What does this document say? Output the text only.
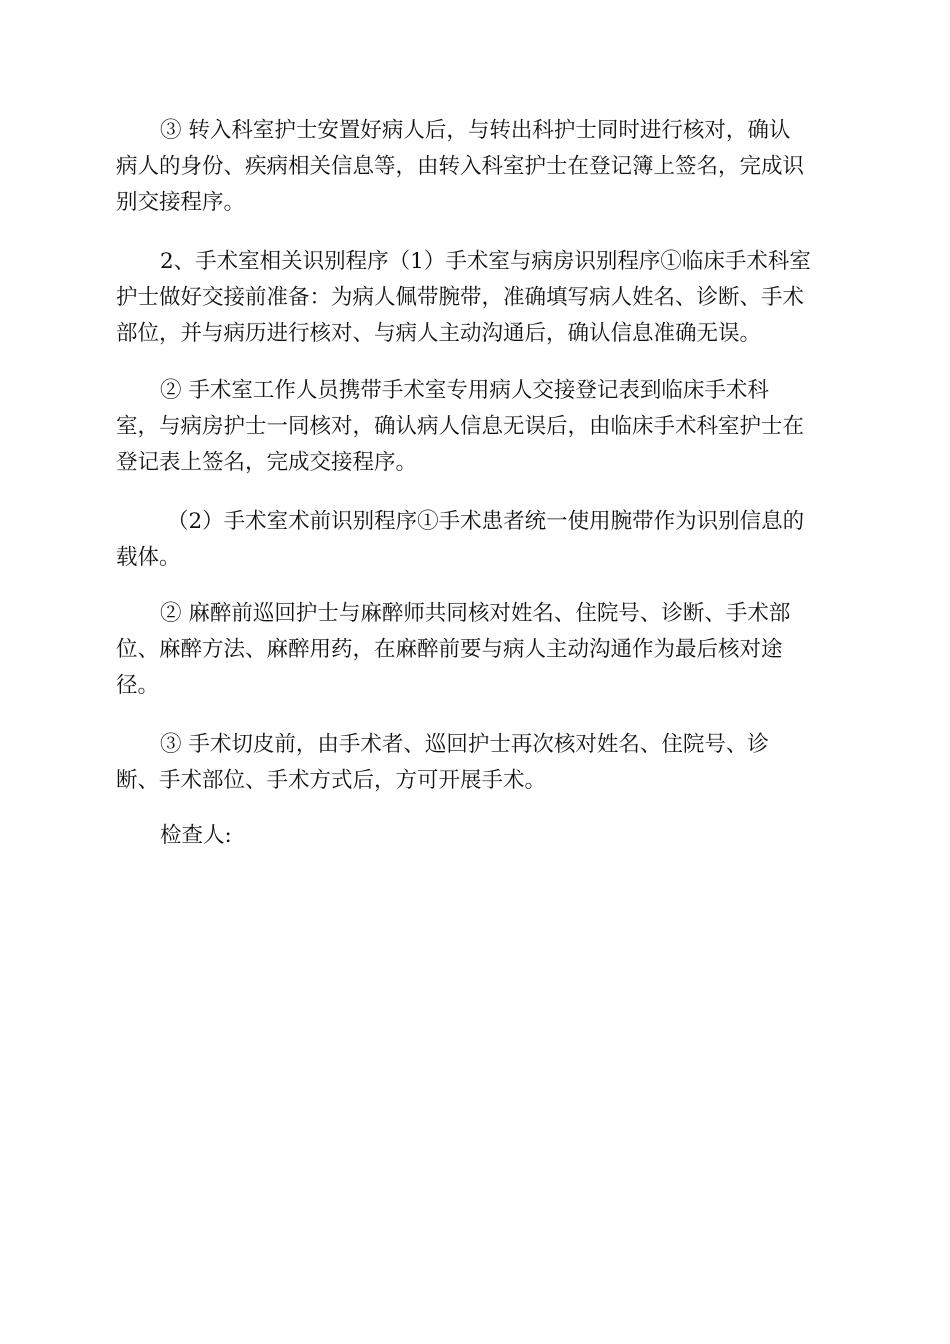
③ 转入科室护士安置好病人后，与转出科护士同时进行核对，确认
病人的身份、疾病相关信息等，由转入科室护士在登记簿上签名，完成识
别交接程序。
2、手术室相关识别程序（1）手术室与病房识别程序①临床手术科室
护士做好交接前准备：为病人佩带腕带，准确填写病人姓名、诊断、手术
部位，并与病历进行核对、与病人主动沟通后，确认信息准确无误。
② 手术室工作人员携带手术室专用病人交接登记表到临床手术科
室，与病房护士一同核对，确认病人信息无误后，由临床手术科室护士在
登记表上签名，完成交接程序。
（2）手术室术前识别程序①手术患者统一使用腕带作为识别信息的
载体。
② 麻醉前巡回护士与麻醉师共同核对姓名、住院号、诊断、手术部
位、麻醉方法、麻醉用药，在麻醉前要与病人主动沟通作为最后核对途
径。
③ 手术切皮前，由手术者、巡回护士再次核对姓名、住院号、诊
断、手术部位、手术方式后，方可开展手术。
检查人:
